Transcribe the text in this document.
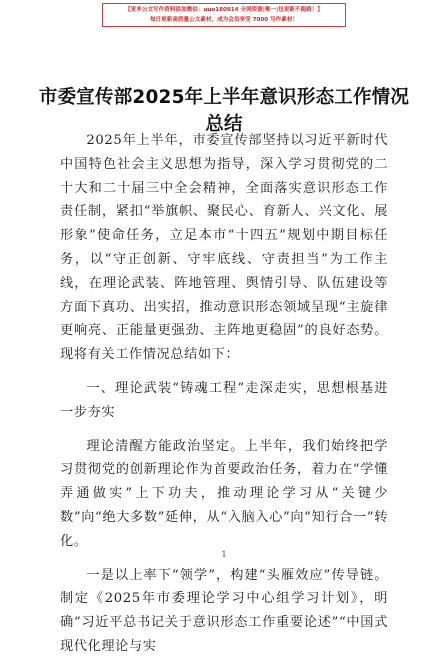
【更多公文写作资料添加微信：uuo180914 全网资源|唯一|包更新不跑路！】
每日更新高质量公文素材，成为会员享受 7000 写作素材！
市委宣传部2025年上半年意识形态工作情况总结

2025年上半年，市委宣传部坚持以习近平新时代中国特色社会主义思想为指导，深入学习贯彻党的二十大和二十届三中全会精神，全面落实意识形态工作责任制，紧扣“举旗帜、聚民心、育新人、兴文化、展形象”使命任务，立足本市“十四五”规划中期目标任务，以“守正创新、守牢底线、守责担当”为工作主线，在理论武装、阵地管理、舆情引导、队伍建设等方面下真功、出实招，推动意识形态领域呈现“主旋律更响亮、正能量更强劲、主阵地更稳固”的良好态势。现将有关工作情况总结如下：

一、理论武装“铸魂工程”走深走实，思想根基进一步夯实

理论清醒方能政治坚定。上半年，我们始终把学习贯彻党的创新理论作为首要政治任务，着力在“学懂弄通做实”上下功夫，推动理论学习从“关键少数”向“绝大多数”延伸，从“入脑入心”向“知行合一”转化。

一是以上率下“领学”，构建“头雁效应”传导链。制定《2025年市委理论学习中心组学习计划》，明确“习近平总书记关于意识形态工作重要论述”“中国式现代化理论与实

1
